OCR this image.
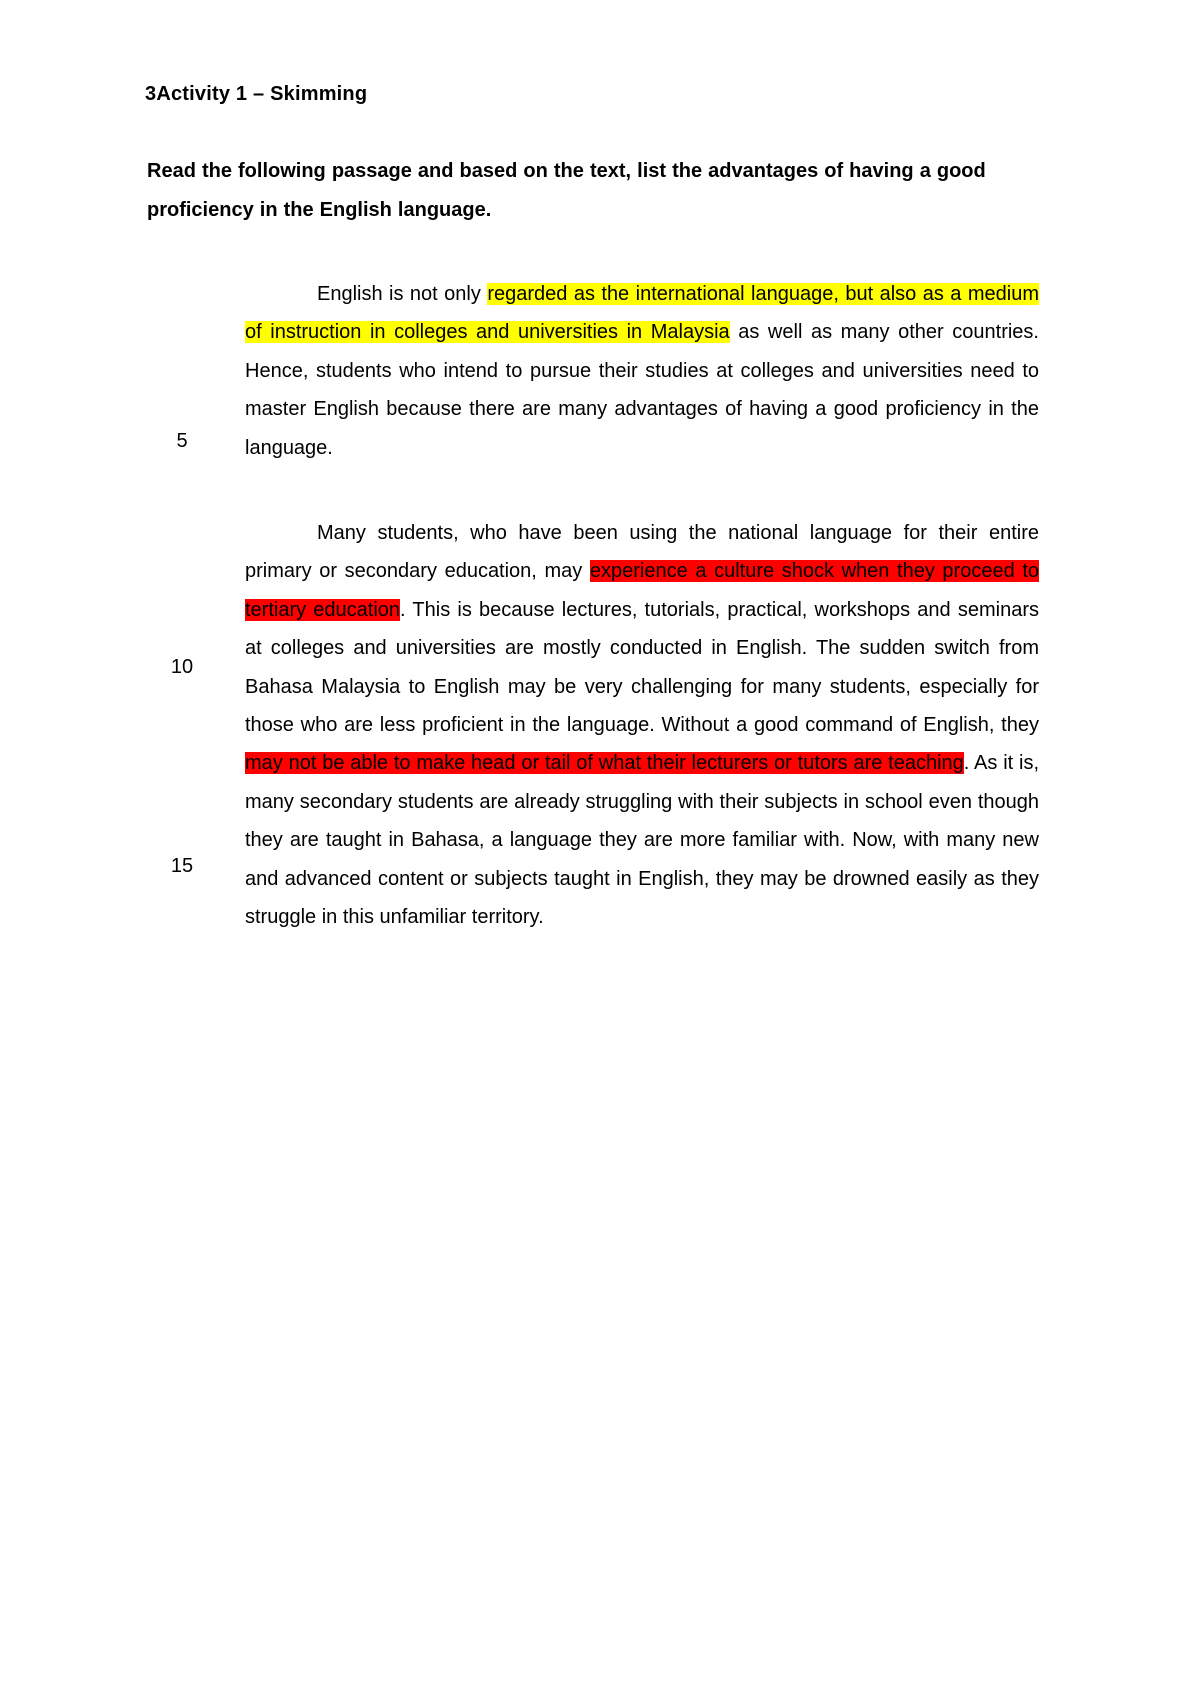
3Activity 1 – Skimming

Read the following passage and based on the text, list the advantages of having a good proficiency in the English language.

5
10
15

English is not only regarded as the international language, but also as a medium of instruction in colleges and universities in Malaysia as well as many other countries. Hence, students who intend to pursue their studies at colleges and universities need to master English because there are many advantages of having a good proficiency in the language.

Many students, who have been using the national language for their entire primary or secondary education, may experience a culture shock when they proceed to tertiary education. This is because lectures, tutorials, practical, workshops and seminars at colleges and universities are mostly conducted in English. The sudden switch from Bahasa Malaysia to English may be very challenging for many students, especially for those who are less proficient in the language. Without a good command of English, they may not be able to make head or tail of what their lecturers or tutors are teaching. As it is, many secondary students are already struggling with their subjects in school even though they are taught in Bahasa, a language they are more familiar with. Now, with many new and advanced content or subjects taught in English, they may be drowned easily as they struggle in this unfamiliar territory.
